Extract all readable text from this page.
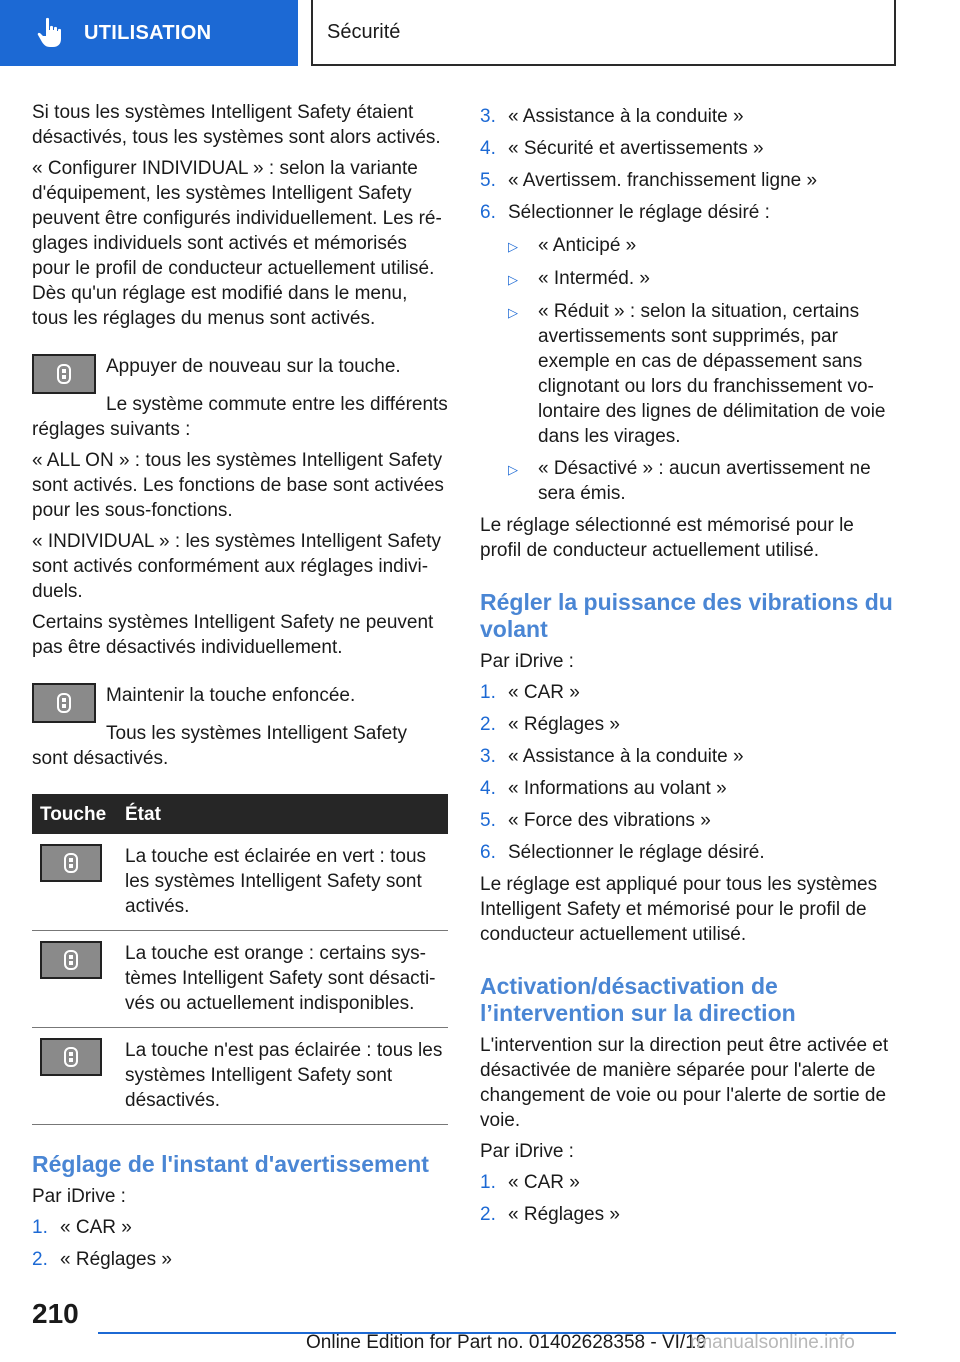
UTILISATION	Sécurité

Si tous les systèmes Intelligent Safety étaient désactivés, tous les systèmes sont alors activés.

« Configurer INDIVIDUAL » : selon la variante d'équipement, les systèmes Intelligent Safety peuvent être configurés individuellement. Les réglages individuels sont activés et mémorisés pour le profil de conducteur actuellement utilisé. Dès qu'un réglage est modifié dans le menu, tous les réglages du menus sont activés.

Appuyer de nouveau sur la touche.

Le système commute entre les différents réglages suivants :

« ALL ON » : tous les systèmes Intelligent Safety sont activés. Les fonctions de base sont activées pour les sous-fonctions.

« INDIVIDUAL » : les systèmes Intelligent Safety sont activés conformément aux réglages individuels.

Certains systèmes Intelligent Safety ne peuvent pas être désactivés individuellement.

Maintenir la touche enfoncée.

Tous les systèmes Intelligent Safety sont désactivés.

Touche État
La touche est éclairée en vert : tous les systèmes Intelligent Safety sont activés.
La touche est orange : certains systèmes Intelligent Safety sont désactivés ou actuellement indisponibles.
La touche n'est pas éclairée : tous les systèmes Intelligent Safety sont désactivés.
Réglage de l'instant d'avertissement

Par iDrive :

1. « CAR »
2. « Réglages »
3. « Assistance à la conduite »
4. « Sécurité et avertissements »
5. « Avertissem. franchissement ligne »
6. Sélectionner le réglage désiré :
▷	« Anticipé »
▷	« Interméd. »
▷	« Réduit » : selon la situation, certains avertissements sont supprimés, par exemple en cas de dépassement sans clignotant ou lors du franchissement volontaire des lignes de délimitation de voie dans les virages.
▷	« Désactivé » : aucun avertissement ne sera émis.

Le réglage sélectionné est mémorisé pour le profil de conducteur actuellement utilisé.

Régler la puissance des vibrations du volant

Par iDrive :

1. « CAR »
2. « Réglages »
3. « Assistance à la conduite »
4. « Informations au volant »
5. « Force des vibrations »
6. Sélectionner le réglage désiré.

Le réglage est appliqué pour tous les systèmes Intelligent Safety et mémorisé pour le profil de conducteur actuellement utilisé.

Activation/désactivation de l’intervention sur la direction

L'intervention sur la direction peut être activée et désactivée de manière séparée pour l'alerte de changement de voie ou pour l'alerte de sortie de voie.

Par iDrive :

1. « CAR »
2. « Réglages »
210
Online Edition for Part no. 01402628358 - VI/19
rmanualsonline.info
